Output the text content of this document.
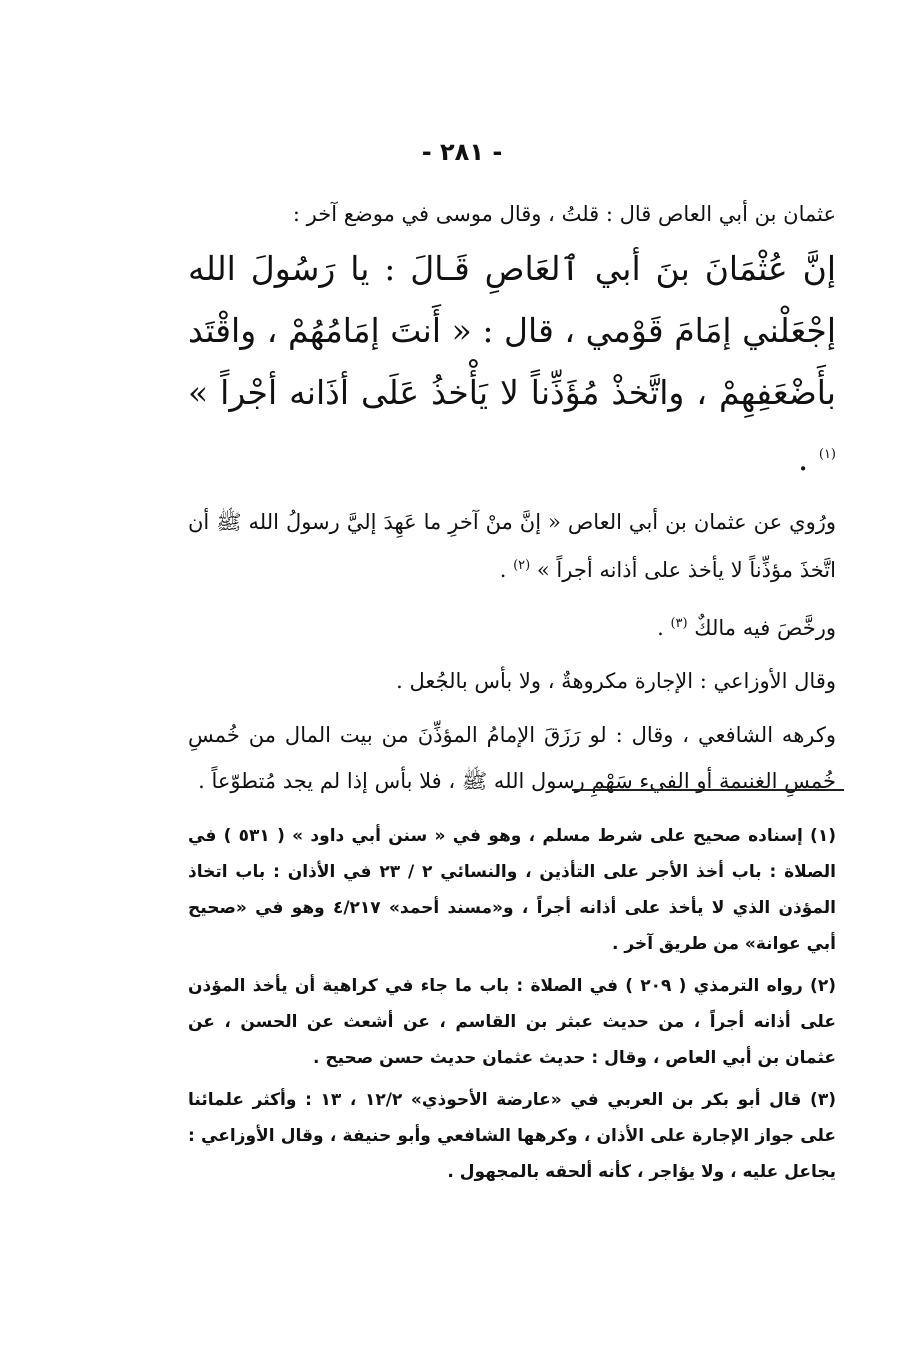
- ٢٨١ -

عثمان بن أبي العاص قال : قلتُ ، وقال موسى في موضع آخر :

إنَّ عُثْمَانَ بنَ أبي ٱلعَاصِ قَـالَ : يا رَسُولَ الله إجْعَلْني إمَامَ قَوْمي ، قال : « أَنتَ إمَامُهُمْ ، واقْتَد بأَضْعَفِهِمْ ، واتَّخذْ مُؤَذِّناً لا يَأْخذُ عَلَى أذَانه أجْراً » $^{(١)}$ .

ورُوي عن عثمان بن أبي العاص « إنَّ منْ آخرِ ما عَهِدَ إليَّ رسولُ الله ﷺ أن اتَّخذَ مؤذِّناً لا يأخذ على أذانه أجراً » $^{(٢)}$ .

ورخَّصَ فيه مالكٌ $^{(٣)}$ .

وقال الأوزاعي : الإجارة مكروهةٌ ، ولا بأس بالجُعل .

وكرهه الشافعي ، وقال : لو رَزَقَ الإمامُ المؤذِّنَ من بيت المال من خُمسِ خُمسِ الغنيمة أو الفيء سَهْمِ رسول الله ﷺ ، فلا بأس إذا لم يجد مُتطوّعاً .

(١) إسناده صحيح على شرط مسلم ، وهو في « سنن أبي داود » ( ٥٣١ ) في الصلاة : باب أخذ الأجر على التأذين ، والنسائي ٢ / ٢٣ في الأذان : باب اتخاذ المؤذن الذي لا يأخذ على أذانه أجراً ، و«مسند أحمد» ٤/٢١٧ وهو في «صحيح أبي عوانة» من طريق آخر .

(٢) رواه الترمذي ( ٢٠٩ ) في الصلاة : باب ما جاء في كراهية أن يأخذ المؤذن على أذانه أجراً ، من حديث عبثر بن القاسم ، عن أشعث عن الحسن ، عن عثمان بن أبي العاص ، وقال : حديث عثمان حديث حسن صحيح .

(٣) قال أبو بكر بن العربي في «عارضة الأحوذي» ١٢/٢ ، ١٣ : وأكثر علمائنا على جواز الإجارة على الأذان ، وكرهها الشافعي وأبو حنيفة ، وقال الأوزاعي : يجاعل عليه ، ولا يؤاجر ، كأنه ألحقه بالمجهول .
